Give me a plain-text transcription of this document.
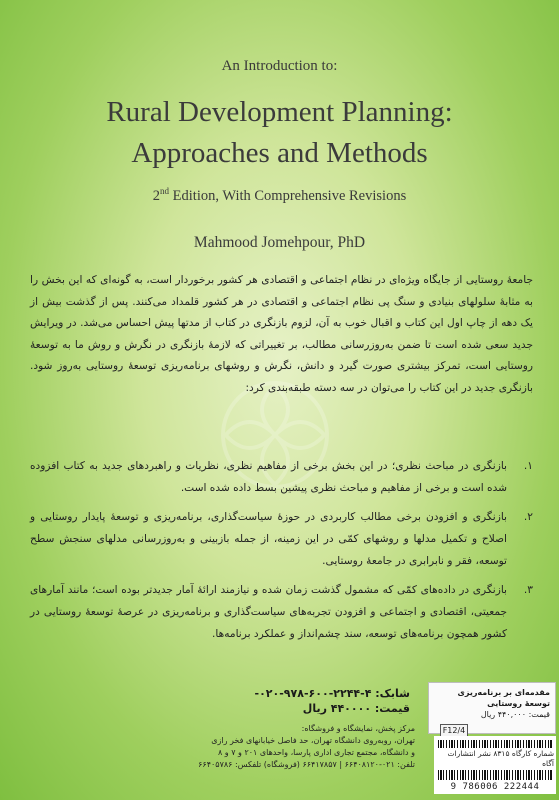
An Introduction to:
Rural Development Planning:
Approaches and Methods
2nd Edition, With Comprehensive Revisions
Mahmood Jomehpour, PhD
جامعهٔ روستایی از جایگاه ویژه‌ای در نظام اجتماعی و اقتصادی هر کشور برخوردار است، به گونه‌ای که این بخش را به مثابهٔ سلولهای بنیادی و سنگ پی نظام اجتماعی و اقتصادی در هر کشور قلمداد می‌کنند. پس از گذشت بیش از یک دهه از چاپ اول این کتاب و اقبال خوب به آن، لزوم بازنگری در کتاب از مدتها پیش احساس می‌شد. در ویرایش جدید سعی شده است تا ضمن به‌روزرسانی مطالب، بر تغییراتی که لازمهٔ بازنگری در نگرش و روش ما به توسعهٔ روستایی است، تمرکز بیشتری صورت گیرد و دانش، نگرش و روشهای برنامه‌ریزی توسعهٔ روستایی به‌روز شود. بازنگری جدید در این کتاب را می‌توان در سه دسته طبقه‌بندی کرد:
۱.
بازنگری در مباحث نظری؛ در این بخش برخی از مفاهیم نظری، نظریات و راهبردهای جدید به کتاب افزوده شده است و برخی از مفاهیم و مباحث نظری پیشین بسط داده شده است.
۲.
بازنگری و افزودن برخی مطالب کاربردی در حوزهٔ سیاست‌گذاری، برنامه‌ریزی و توسعهٔ پایدار روستایی و اصلاح و تکمیل مدلها و روشهای کمّی در این زمینه، از جمله بازبینی و به‌روزرسانی مدلهای سنجش سطح توسعه، فقر و نابرابری در جامعهٔ روستایی.
۳.
بازنگری در داده‌های کمّی که مشمول گذشت زمان شده و نیازمند ارائهٔ آمار جدیدتر بوده است؛ مانند آمارهای جمعیتی، اقتصادی و اجتماعی و افزودن تجربه‌های سیاست‌گذاری و برنامه‌ریزی در عرصهٔ توسعهٔ روستایی در کشور همچون برنامه‌های توسعه، سند چشم‌انداز و عملکرد برنامه‌ها.
شابک: ۴-۲۲۴۴-۶۰۰-۹۷۸-۰۲۰-
قیمت: ۴۴۰۰۰۰ ریال
مرکز پخش، نمایشگاه و فروشگاه:
تهران، روبه‌روی دانشگاه تهران، حد فاصل خیابانهای فخر رازی
و دانشگاه، مجتمع تجاری اداری پارسا، واحدهای ۲۰۱ و ۷ و ۸
تلفن: ۰۲۱-۶۶۴۰۸۱۲۰ | ۶۶۴۱۷۸۵۷ (فروشگاه) تلفکس: ۶۶۴۰۵۷۸۶
مقدمه‌ای بر برنامه‌ریزی توسعهٔ روستایی
قیمت: ۴۴۰,۰۰۰ ریال
F12/4
9 786006 222444
شماره کارگاه ۸۳۱۵ نشر انتشارات آگاه
